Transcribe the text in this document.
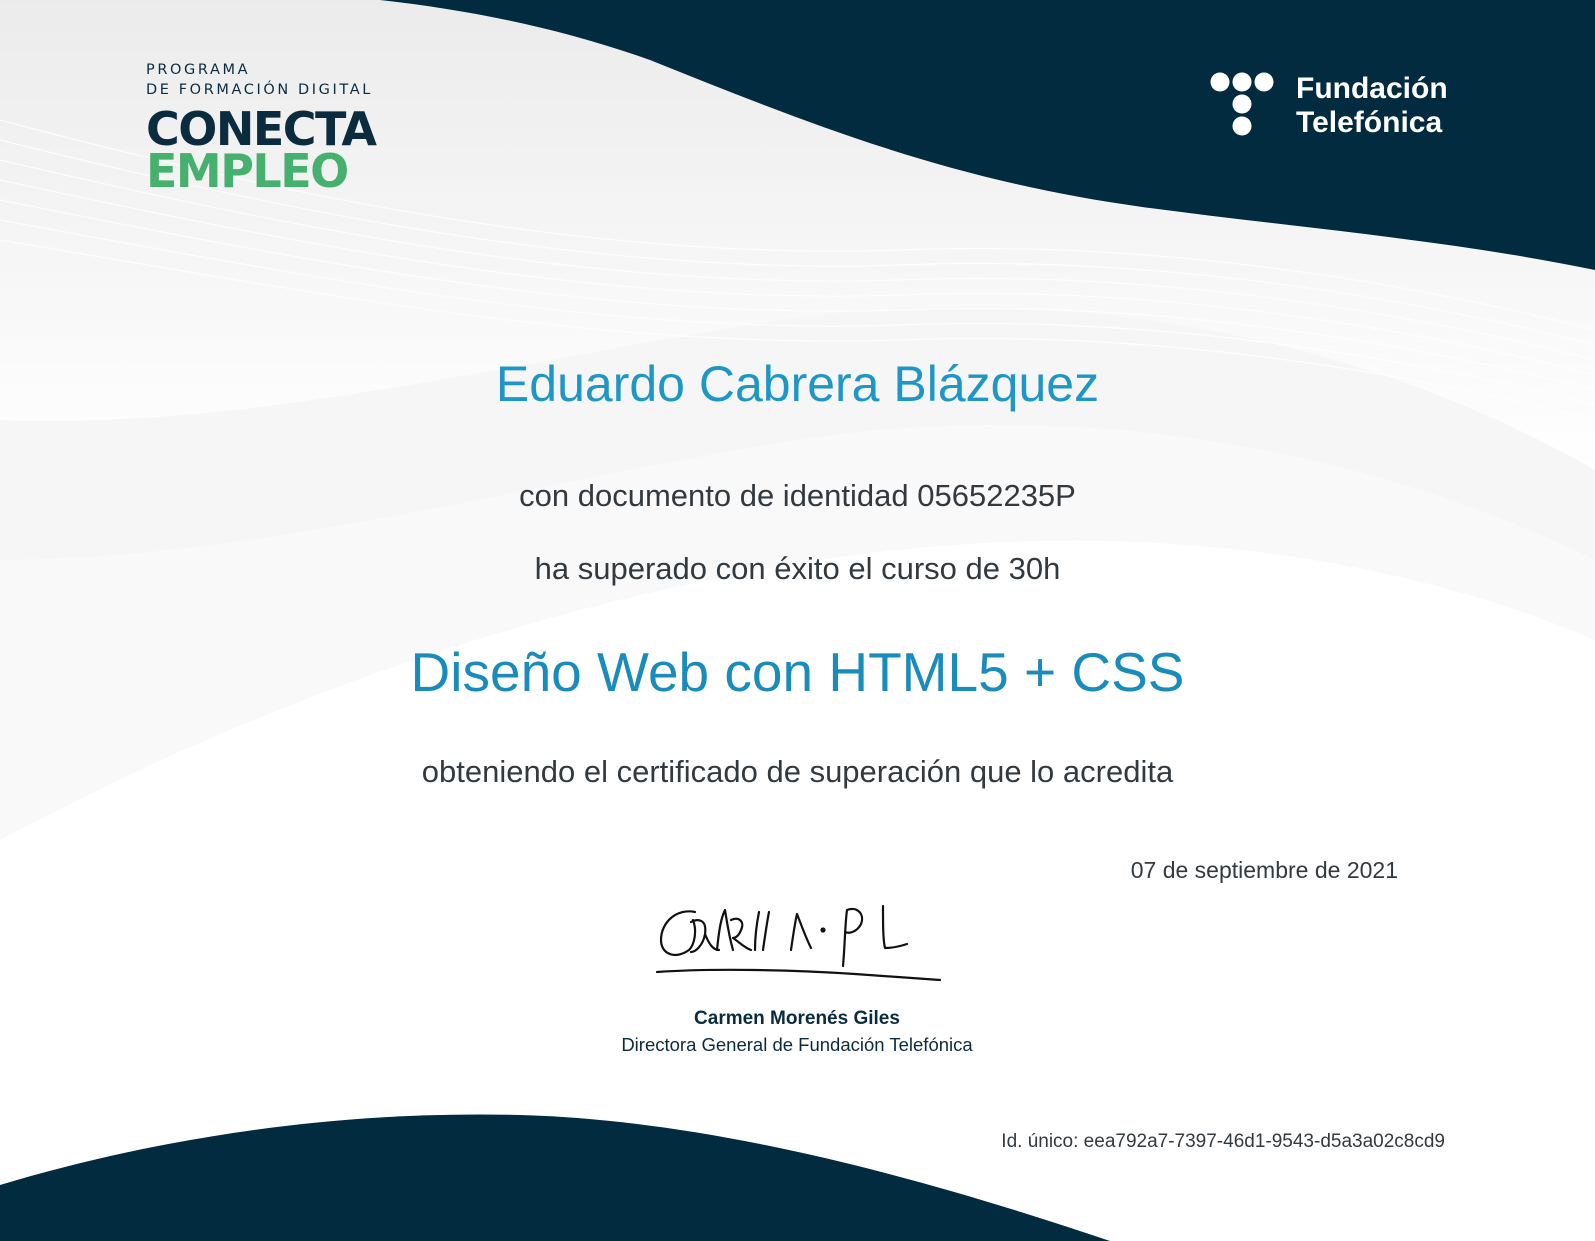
PROGRAMA
DE FORMACIÓN DIGITAL
CONECTA
EMPLEO
Fundación
Telefónica
Eduardo Cabrera Blázquez
con documento de identidad 05652235P
ha superado con éxito el curso de 30h
Diseño Web con HTML5 + CSS
obteniendo el certificado de superación que lo acredita
07 de septiembre de 2021
Carmen Morenés Giles
Directora General de Fundación Telefónica
Id. único: eea792a7-7397-46d1-9543-d5a3a02c8cd9
